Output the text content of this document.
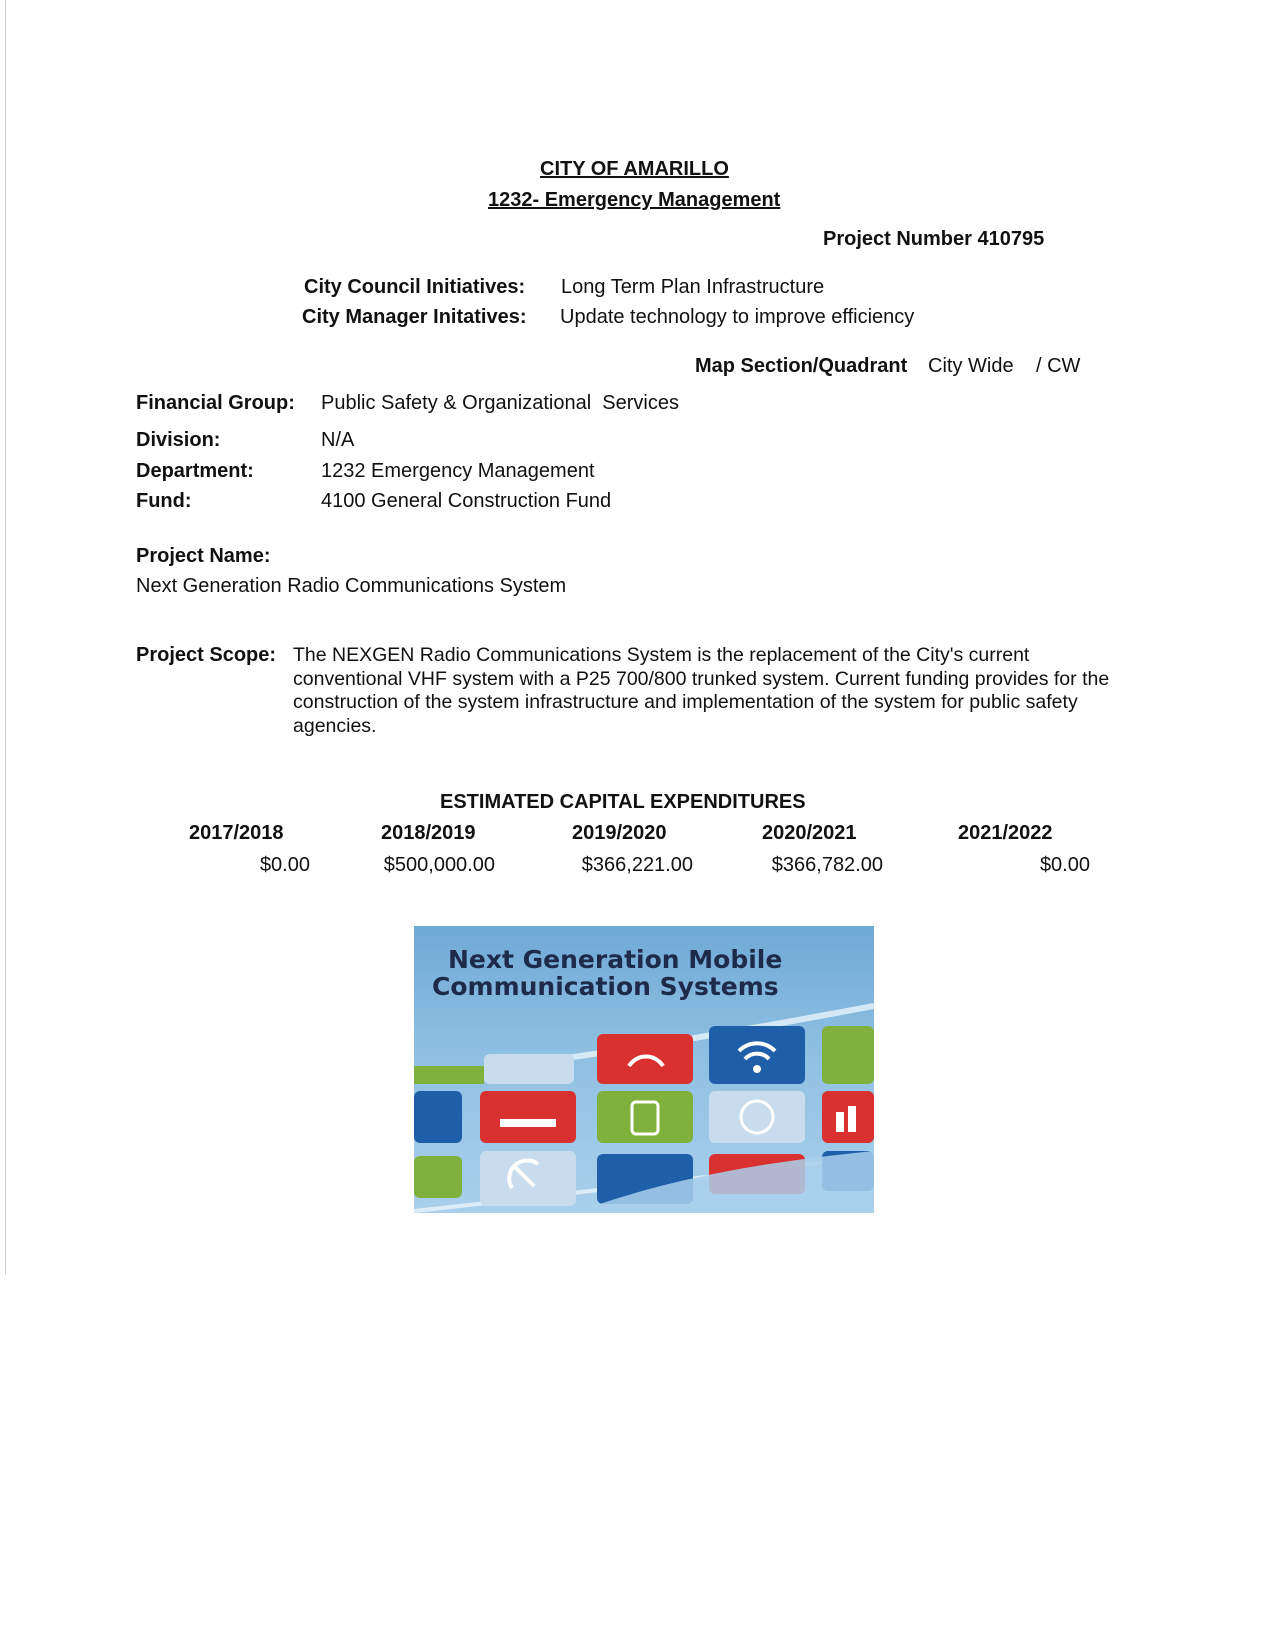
CITY OF AMARILLO
1232- Emergency Management
Project Number 410795
City Council Initiatives: Long Term Plan Infrastructure
City Manager Initatives: Update technology to improve efficiency
Map Section/Quadrant City Wide / CW
Financial Group: Public Safety & Organizational  Services
Division:	N/A
Department:	1232 Emergency Management
Fund:	4100 General Construction Fund
Project Name:
Next Generation Radio Communications System
Project Scope: The NEXGEN Radio Communications System is the replacement of the City's current conventional VHF system with a P25 700/800 trunked system. Current funding provides for the construction of the system infrastructure and implementation of the system for public safety agencies.
ESTIMATED CAPITAL EXPENDITURES
2017/2018	2018/2019	2019/2020	2020/2021	2021/2022
$0.00	$500,000.00	$366,221.00	$366,782.00	$0.00
Next Generation Mobile
Communication Systems
